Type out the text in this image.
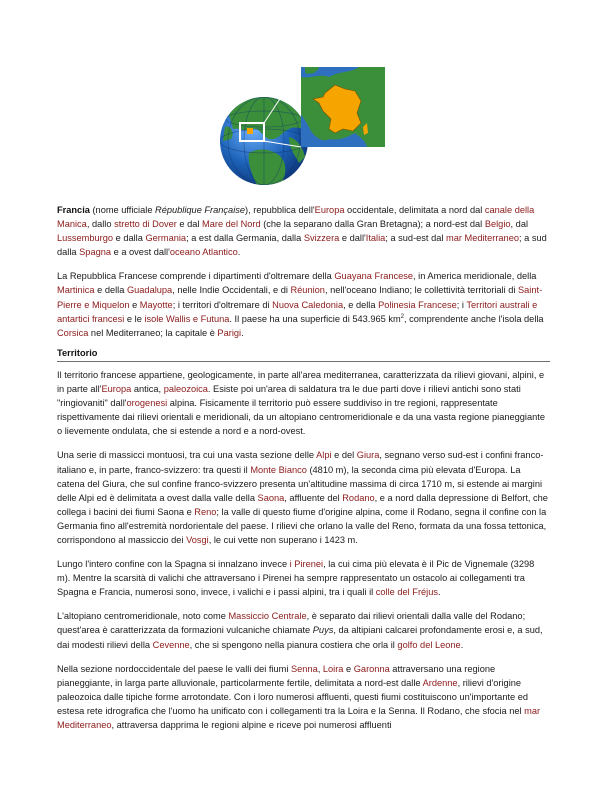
Francia (nome ufficiale République Française), repubblica dell'Europa occidentale, delimitata a nord dal canale della Manica, dallo stretto di Dover e dal Mare del Nord (che la separano dalla Gran Bretagna); a nord-est dal Belgio, dal Lussemburgo e dalla Germania; a est dalla Germania, dalla Svizzera e dall'Italia; a sud-est dal mar Mediterraneo; a sud dalla Spagna e a ovest dall'oceano Atlantico.

La Repubblica Francese comprende i dipartimenti d'oltremare della Guayana Francese, in America meridionale, della Martinica e della Guadalupa, nelle Indie Occidentali, e di Réunion, nell'oceano Indiano; le collettività territoriali di Saint-Pierre e Miquelon e Mayotte; i territori d'oltremare di Nuova Caledonia, e della Polinesia Francese; i Territori australi e antartici francesi e le isole Wallis e Futuna. Il paese ha una superficie di 543.965 $km^2$, comprendente anche l'isola della Corsica nel Mediterraneo; la capitale è Parigi.

Territorio

Il territorio francese appartiene, geologicamente, in parte all'area mediterranea, caratterizzata da rilievi giovani, alpini, e in parte all'Europa antica, paleozoica. Esiste poi un'area di saldatura tra le due parti dove i rilievi antichi sono stati "ringiovaniti" dall'orogenesi alpina. Fisicamente il territorio può essere suddiviso in tre regioni, rappresentate rispettivamente dai rilievi orientali e meridionali, da un altopiano centromeridionale e da una vasta regione pianeggiante o lievemente ondulata, che si estende a nord e a nord-ovest.

Una serie di massicci montuosi, tra cui una vasta sezione delle Alpi e del Giura, segnano verso sud-est i confini franco-italiano e, in parte, franco-svizzero: tra questi il Monte Bianco (4810 m), la seconda cima più elevata d'Europa. La catena del Giura, che sul confine franco-svizzero presenta un'altitudine massima di circa 1710 m, si estende ai margini delle Alpi ed è delimitata a ovest dalla valle della Saona, affluente del Rodano, e a nord dalla depressione di Belfort, che collega i bacini dei fiumi Saona e Reno; la valle di questo fiume d'origine alpina, come il Rodano, segna il confine con la Germania fino all'estremità nordorientale del paese. I rilievi che orlano la valle del Reno, formata da una fossa tettonica, corrispondono al massiccio dei Vosgi, le cui vette non superano i 1423 m.

Lungo l'intero confine con la Spagna si innalzano invece i Pirenei, la cui cima più elevata è il Pic de Vignemale (3298 m). Mentre la scarsità di valichi che attraversano i Pirenei ha sempre rappresentato un ostacolo ai collegamenti tra Spagna e Francia, numerosi sono, invece, i valichi e i passi alpini, tra i quali il colle del Fréjus.

L'altopiano centromeridionale, noto come Massiccio Centrale, è separato dai rilievi orientali dalla valle del Rodano; quest'area è caratterizzata da formazioni vulcaniche chiamate Puys, da altipiani calcarei profondamente erosi e, a sud, dai modesti rilievi della Cevenne, che si spengono nella pianura costiera che orla il golfo del Leone.

Nella sezione nordoccidentale del paese le valli dei fiumi Senna, Loira e Garonna attraversano una regione pianeggiante, in larga parte alluvionale, particolarmente fertile, delimitata a nord-est dalle Ardenne, rilievi d'origine paleozoica dalle tipiche forme arrotondate. Con i loro numerosi affluenti, questi fiumi costituiscono un'importante ed estesa rete idrografica che l'uomo ha unificato con i collegamenti tra la Loira e la Senna. Il Rodano, che sfocia nel mar Mediterraneo, attraversa dapprima le regioni alpine e riceve poi numerosi affluenti
